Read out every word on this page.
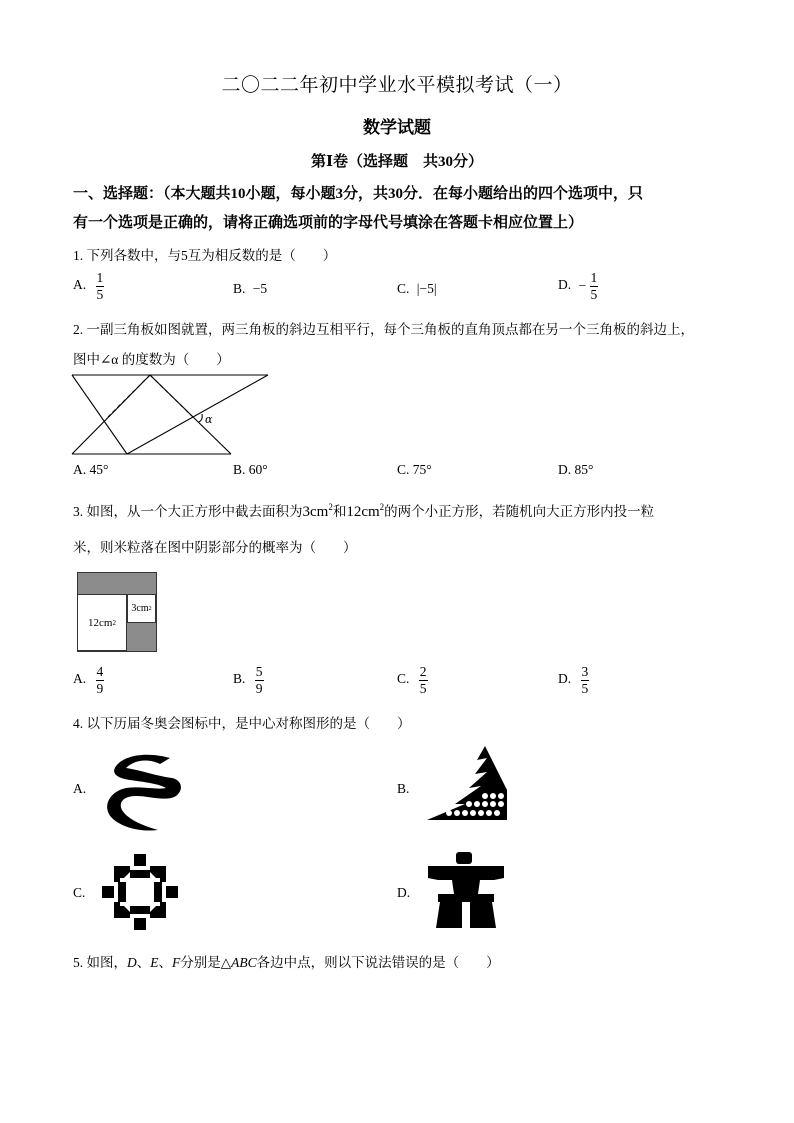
二〇二二年初中学业水平模拟考试（一）
数学试题
第Ⅰ卷（选择题　共30分）
一、选择题：（本大题共10小题，每小题3分，共30分．在每小题给出的四个选项中，只
有一个选项是正确的，请将正确选项前的字母代号填涂在答题卡相应位置上）
1. 下列各数中，与5互为相反数的是（　　）
A. $\frac{1}{5}$	B. −5	C. |−5|	D. − $\frac{1}{5}$
2. 一副三角板如图就置，两三角板的斜边互相平行，每个三角板的直角顶点都在另一个三角板的斜边上，
图中∠α 的度数为（　　）
α
A. 45°	B. 60°	C. 75°	D. 85°
3. 如图，从一个大正方形中截去面积为$3cm^2$和$12cm^2$的两个小正方形，若随机向大正方形内投一粒
米，则米粒落在图中阴影部分的概率为（　　）
12cm 2
3cm 2
A. $\frac{4}{9}$	B. $\frac{5}{9}$	C. $\frac{2}{5}$	D. $\frac{3}{5}$
4. 以下历届冬奥会图标中，是中心对称图形的是（　　）
A.	B.
C.	D.
5. 如图，D、E、F分别是△ABC各边中点，则以下说法错误的是（　　）
